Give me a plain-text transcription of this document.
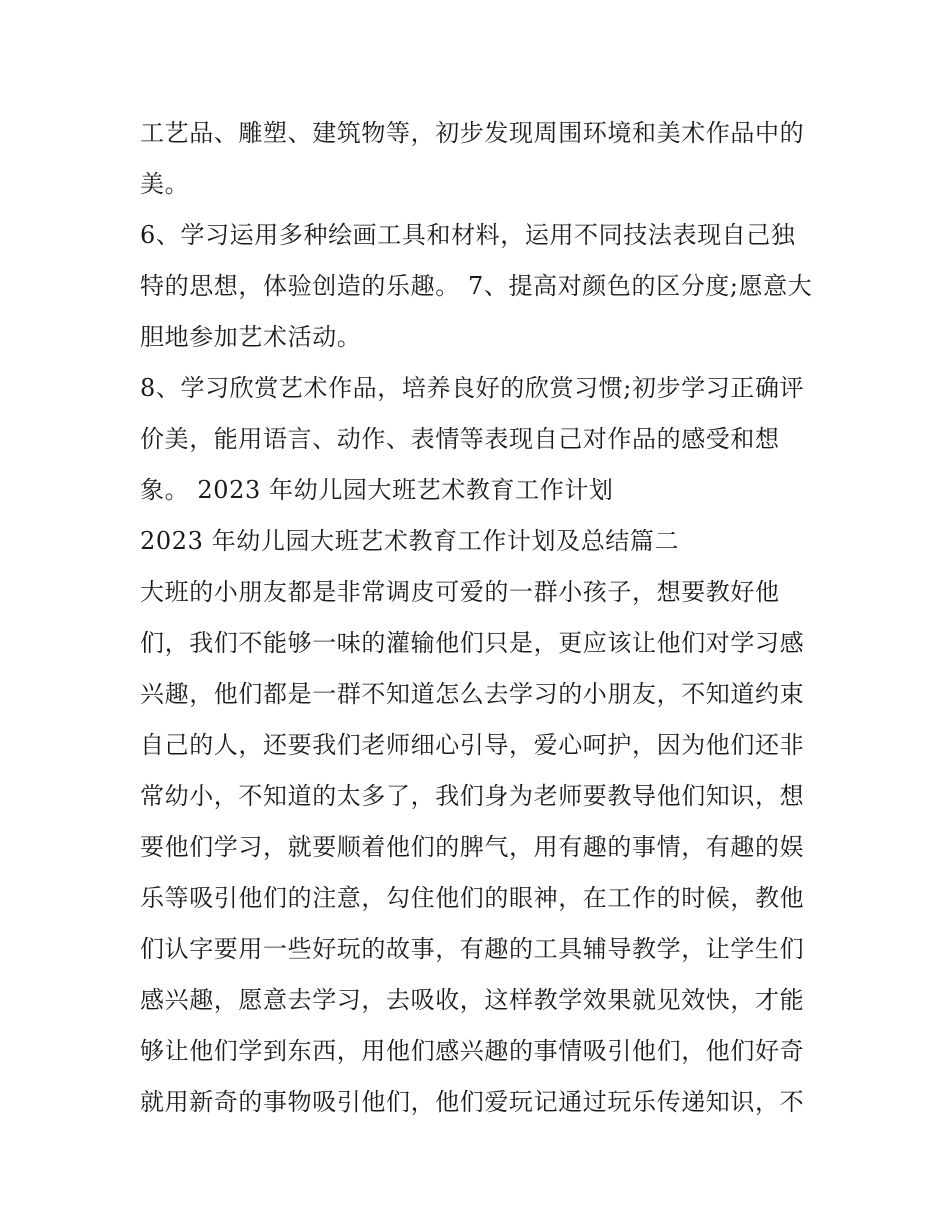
工艺品、雕塑、建筑物等，初步发现周围环境和美术作品中的
美。
6、学习运用多种绘画工具和材料，运用不同技法表现自己独
特的思想，体验创造的乐趣。 7、提高对颜色的区分度;愿意大
胆地参加艺术活动。
8、学习欣赏艺术作品，培养良好的欣赏习惯;初步学习正确评
价美，能用语言、动作、表情等表现自己对作品的感受和想
象。 2023 年幼儿园大班艺术教育工作计划
2023 年幼儿园大班艺术教育工作计划及总结篇二
大班的小朋友都是非常调皮可爱的一群小孩子，想要教好他
们，我们不能够一味的灌输他们只是，更应该让他们对学习感
兴趣，他们都是一群不知道怎么去学习的小朋友，不知道约束
自己的人，还要我们老师细心引导，爱心呵护，因为他们还非
常幼小，不知道的太多了，我们身为老师要教导他们知识，想
要他们学习，就要顺着他们的脾气，用有趣的事情，有趣的娱
乐等吸引他们的注意，勾住他们的眼神，在工作的时候，教他
们认字要用一些好玩的故事，有趣的工具辅导教学，让学生们
感兴趣，愿意去学习，去吸收，这样教学效果就见效快，才能
够让他们学到东西，用他们感兴趣的事情吸引他们，他们好奇
就用新奇的事物吸引他们，他们爱玩记通过玩乐传递知识，不
